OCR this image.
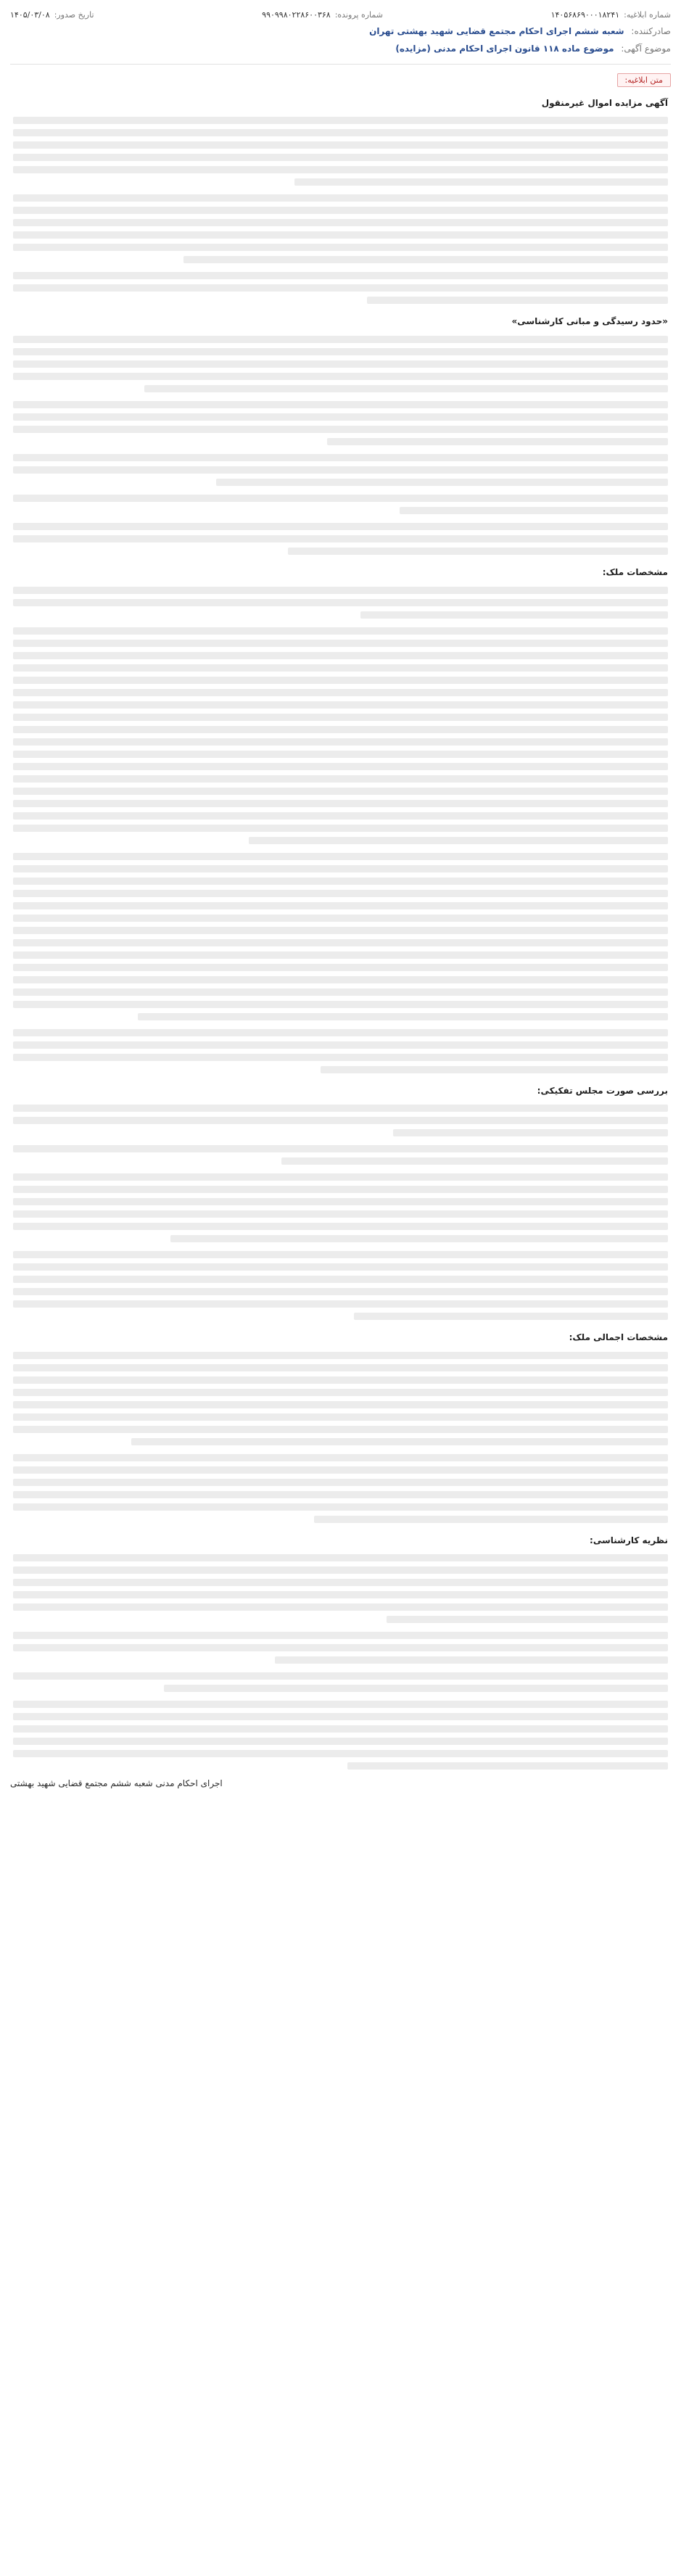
شماره ابلاغیه:
۱۴۰۵۶۸۶۹۰۰۰۱۸۲۴۱
شماره پرونده:
۹۹۰۹۹۸۰۲۲۸۶۰۰۳۶۸
تاریخ صدور:
۱۴۰۵/۰۳/۰۸
صادرکننده: شعبه ششم اجرای احکام مجتمع قضایی شهید بهشتی تهران
موضوع آگهی: موضوع ماده ۱۱۸ قانون اجرای احکام مدنی (مزایده)
متن ابلاغیه:
آگهی مزایده اموال غیرمنقول
«حدود رسیدگی و مبانی کارشناسی»
مشخصات ملک:
بررسی صورت مجلس تفکیکی:
مشخصات اجمالی ملک:
نظریه کارشناسی:
اجرای احکام مدنی شعبه ششم مجتمع قضایی شهید بهشتی
